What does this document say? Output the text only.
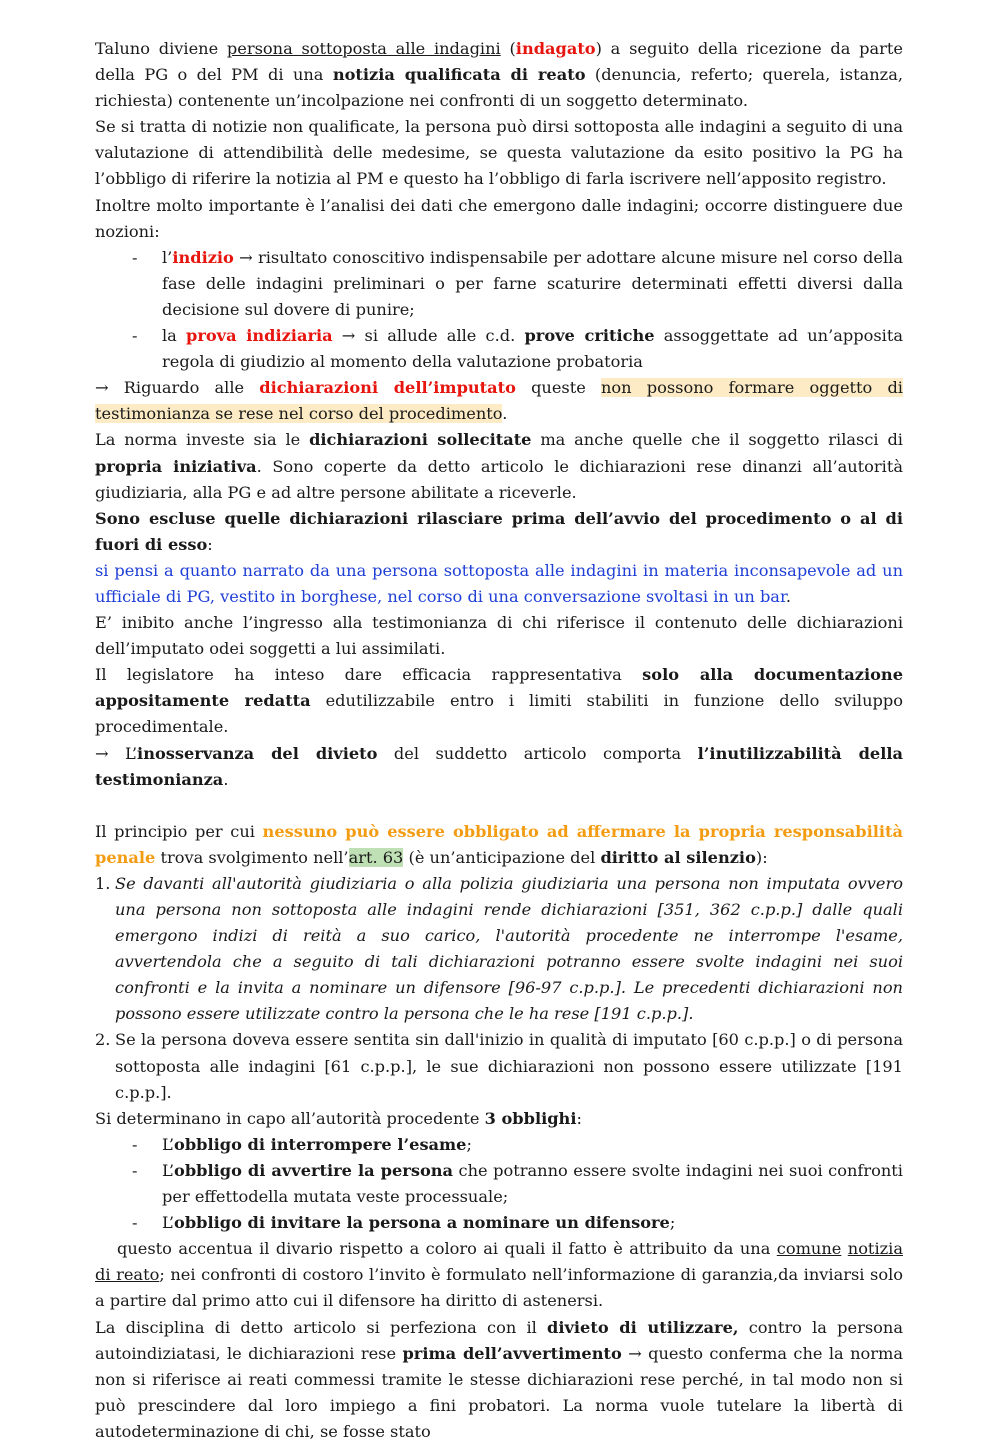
Taluno diviene persona sottoposta alle indagini (indagato) a seguito della ricezione da parte della PG o del PM di una notizia qualificata di reato (denuncia, referto; querela, istanza, richiesta) contenente un’incolpazione nei confronti di un soggetto determinato.

Se si tratta di notizie non qualificate, la persona può dirsi sottoposta alle indagini a seguito di una valutazione di attendibilità delle medesime, se questa valutazione da esito positivo la PG ha l’obbligo di riferire la notizia al PM e questo ha l’obbligo di farla iscrivere nell’apposito registro.

Inoltre molto importante è l’analisi dei dati che emergono dalle indagini; occorre distinguere due nozioni:

- l’indizio → risultato conoscitivo indispensabile per adottare alcune misure nel corso della fase delle indagini preliminari o per farne scaturire determinati effetti diversi dalla decisione sul dovere di punire;
- la prova indiziaria → si allude alle c.d. prove critiche assoggettate ad un’apposita regola di giudizio al momento della valutazione probatoria

→ Riguardo alle dichiarazioni dell’imputato queste non possono formare oggetto di testimonianza se rese nel corso del procedimento.

La norma investe sia le dichiarazioni sollecitate ma anche quelle che il soggetto rilasci di propria iniziativa. Sono coperte da detto articolo le dichiarazioni rese dinanzi all’autorità giudiziaria, alla PG e ad altre persone abilitate a riceverle.

Sono escluse quelle dichiarazioni rilasciare prima dell’avvio del procedimento o al di fuori di esso:
si pensi a quanto narrato da una persona sottoposta alle indagini in materia inconsapevole ad un ufficiale di PG, vestito in borghese, nel corso di una conversazione svoltasi in un bar.

E’ inibito anche l’ingresso alla testimonianza di chi riferisce il contenuto delle dichiarazioni dell’imputato odei soggetti a lui assimilati.

Il legislatore ha inteso dare efficacia rappresentativa solo alla documentazione appositamente redatta edutilizzabile entro i limiti stabiliti in funzione dello sviluppo procedimentale.

→ L’inosservanza del divieto del suddetto articolo comporta l’inutilizzabilità della testimonianza.

Il principio per cui nessuno può essere obbligato ad affermare la propria responsabilità penale trova svolgimento nell’art. 63 (è un’anticipazione del diritto al silenzio):

1. Se davanti all'autorità giudiziaria o alla polizia giudiziaria una persona non imputata ovvero una persona non sottoposta alle indagini rende dichiarazioni [351, 362 c.p.p.] dalle quali emergono indizi di reità a suo carico, l'autorità procedente ne interrompe l'esame, avvertendola che a seguito di tali dichiarazioni potranno essere svolte indagini nei suoi confronti e la invita a nominare un difensore [96-97 c.p.p.]. Le precedenti dichiarazioni non possono essere utilizzate contro la persona che le ha rese [191 c.p.p.].
2. Se la persona doveva essere sentita sin dall'inizio in qualità di imputato [60 c.p.p.] o di persona sottoposta alle indagini [61 c.p.p.], le sue dichiarazioni non possono essere utilizzate [191 c.p.p.].

Si determinano in capo all’autorità procedente 3 obblighi:

- L’obbligo di interrompere l’esame;
- L’obbligo di avvertire la persona che potranno essere svolte indagini nei suoi confronti per effettodella mutata veste processuale;
- L’obbligo di invitare la persona a nominare un difensore;

questo accentua il divario rispetto a coloro ai quali il fatto è attribuito da una comune notizia di reato; nei confronti di costoro l’invito è formulato nell’informazione di garanzia,da inviarsi solo a partire dal primo atto cui il difensore ha diritto di astenersi.

La disciplina di detto articolo si perfeziona con il divieto di utilizzare, contro la persona autoindiziatasi, le dichiarazioni rese prima dell’avvertimento → questo conferma che la norma non si riferisce ai reati commessi tramite le stesse dichiarazioni rese perché, in tal modo non si può prescindere dal loro impiego a fini probatori. La norma vuole tutelare la libertà di autodeterminazione di chi, se fosse stato
